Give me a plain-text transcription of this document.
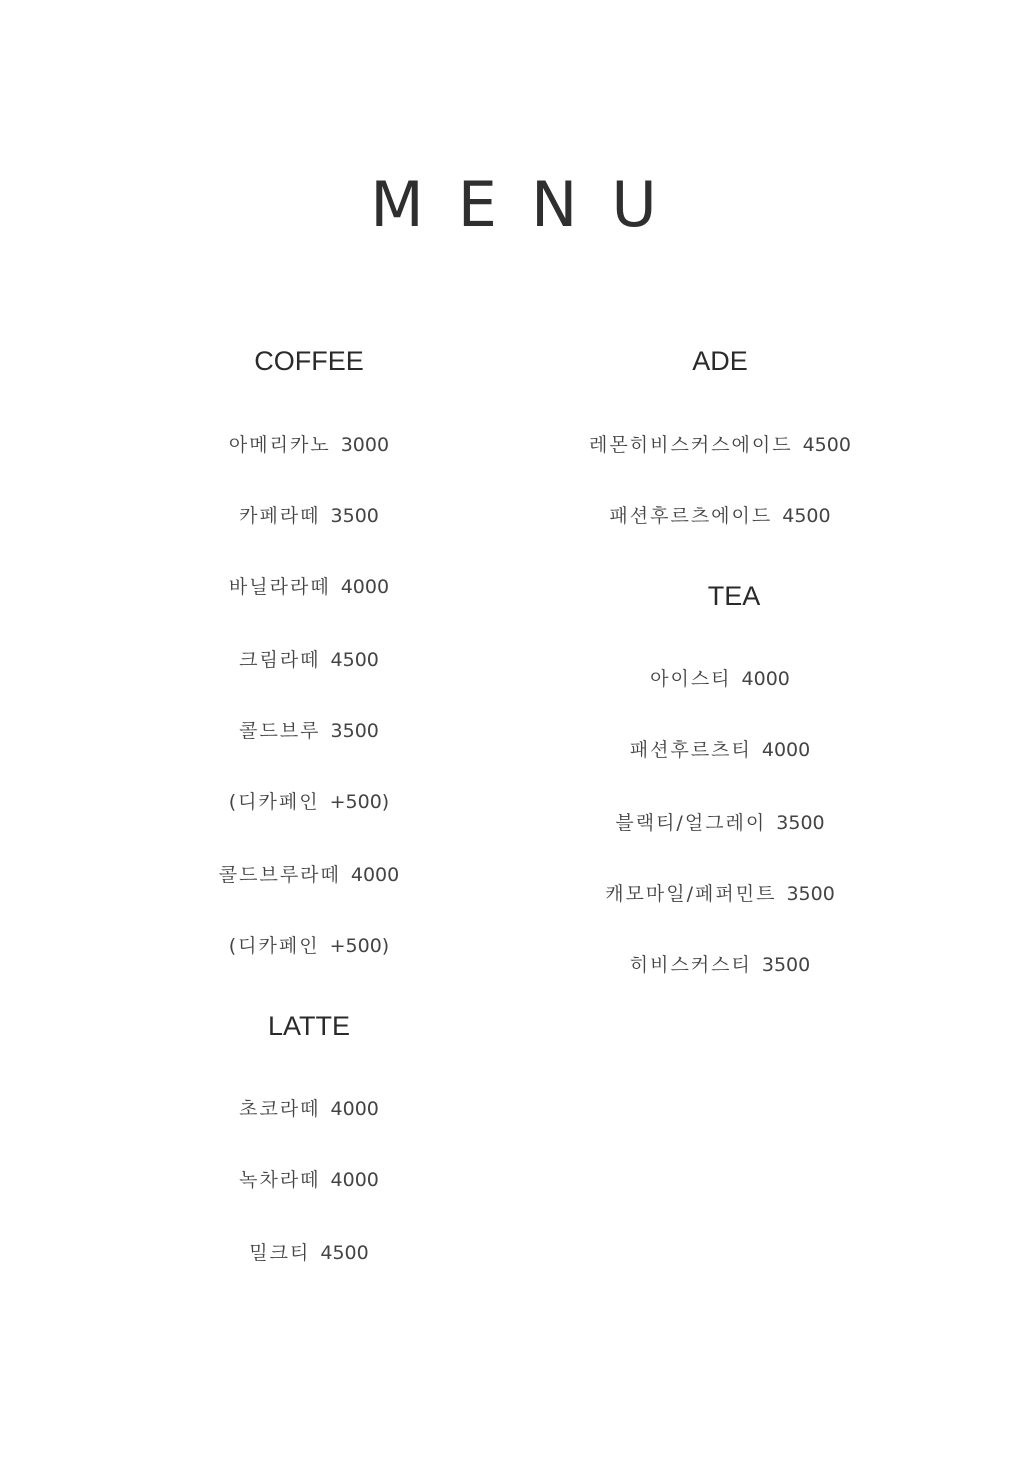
MENU
COFFEE
아메리카노 3000
카페라떼 3500
바닐라라떼 4000
크림라떼 4500
콜드브루 3500
(디카페인 +500)
콜드브루라떼 4000
(디카페인 +500)
LATTE
초코라떼 4000
녹차라떼 4000
밀크티 4500
ADE
레몬히비스커스에이드 4500
패션후르츠에이드 4500
TEA
아이스티 4000
패션후르츠티 4000
블랙티/얼그레이 3500
캐모마일/페퍼민트 3500
히비스커스티 3500
